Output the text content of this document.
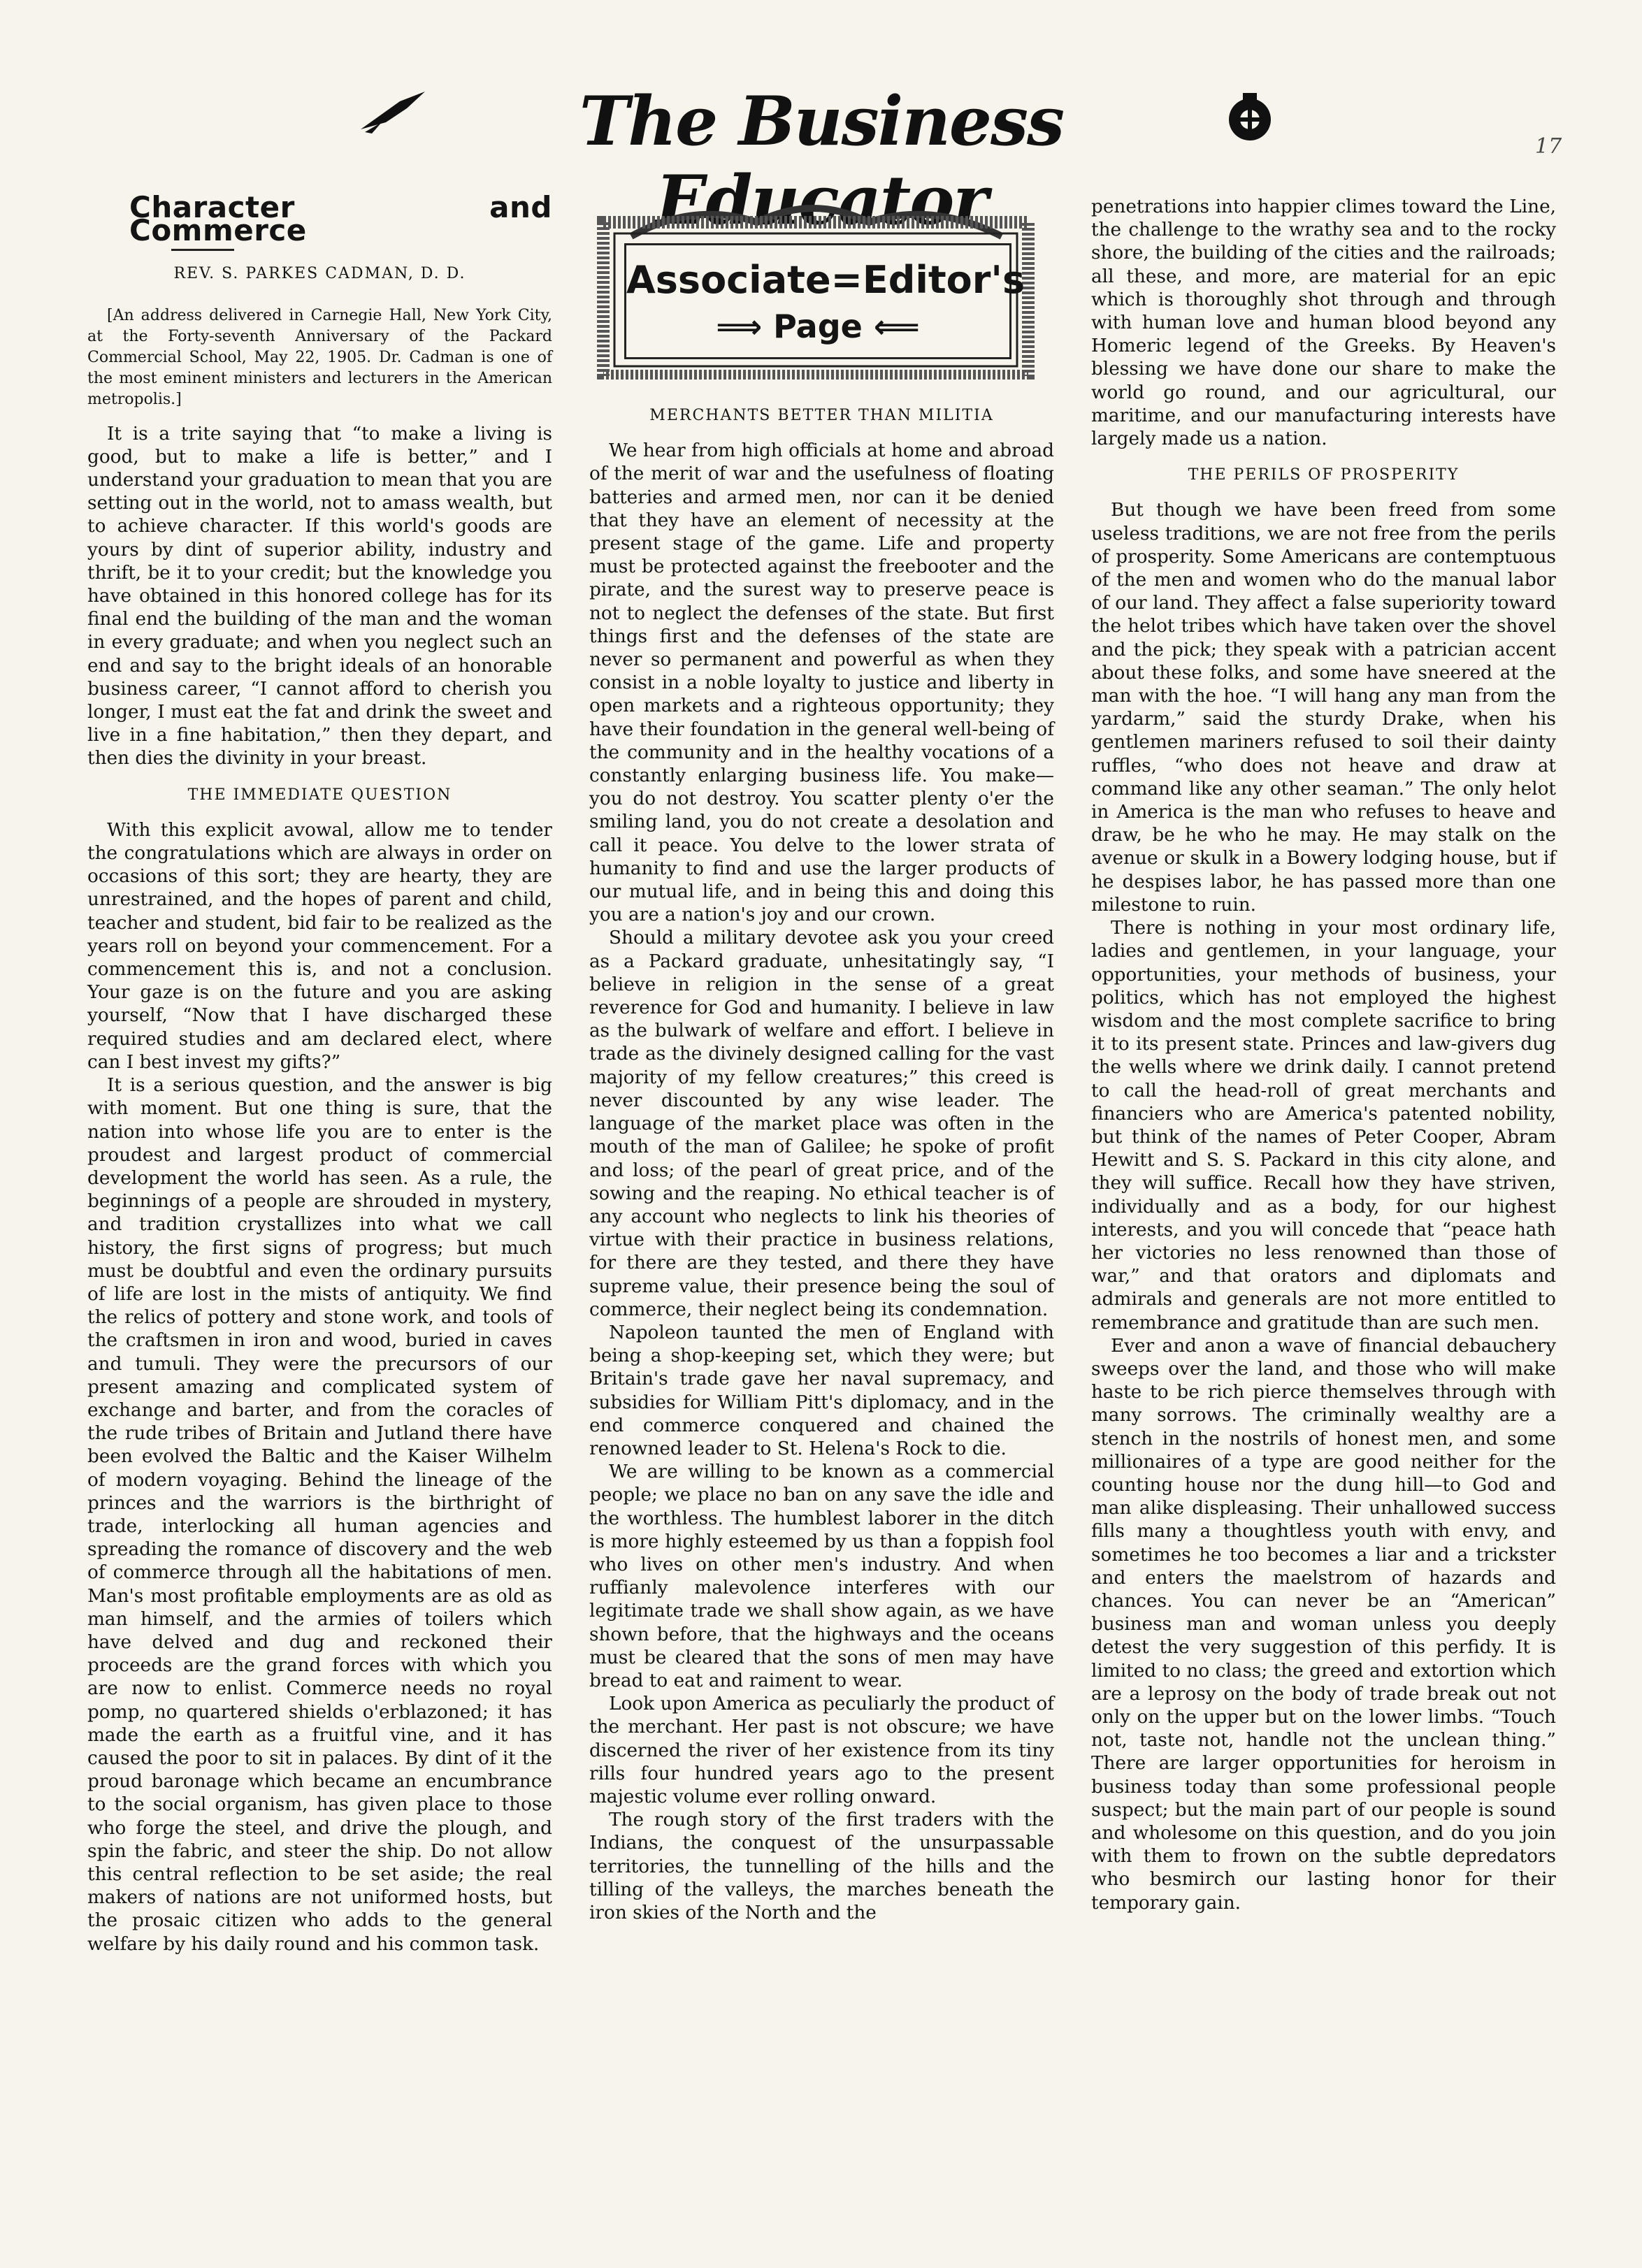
The Business Educator
17
Character and Commerce
REV. S. PARKES CADMAN, D. D.
[An address delivered in Carnegie Hall, New York City, at the Forty-seventh Anniversary of the Packard Commercial School, May 22, 1905. Dr. Cadman is one of the most eminent ministers and lecturers in the American metropolis.]

It is a trite saying that “to make a living is good, but to make a life is better,” and I understand your graduation to mean that you are setting out in the world, not to amass wealth, but to achieve character. If this world's goods are yours by dint of superior ability, industry and thrift, be it to your credit; but the knowledge you have obtained in this honored college has for its final end the building of the man and the woman in every graduate; and when you neglect such an end and say to the bright ideals of an honorable business career, “I cannot afford to cherish you longer, I must eat the fat and drink the sweet and live in a fine habitation,” then they depart, and then dies the divinity in your breast.

THE IMMEDIATE QUESTION

With this explicit avowal, allow me to tender the congratulations which are always in order on occasions of this sort; they are hearty, they are unrestrained, and the hopes of parent and child, teacher and student, bid fair to be realized as the years roll on beyond your commencement. For a commencement this is, and not a conclusion. Your gaze is on the future and you are asking yourself, “Now that I have discharged these required studies and am declared elect, where can I best invest my gifts?”

It is a serious question, and the answer is big with moment. But one thing is sure, that the nation into whose life you are to enter is the proudest and largest product of commercial development the world has seen. As a rule, the beginnings of a people are shrouded in mystery, and tradition crystallizes into what we call history, the first signs of progress; but much must be doubtful and even the ordinary pursuits of life are lost in the mists of antiquity. We find the relics of pottery and stone work, and tools of the craftsmen in iron and wood, buried in caves and tumuli. They were the precursors of our present amazing and complicated system of exchange and barter, and from the coracles of the rude tribes of Britain and Jutland there have been evolved the Baltic and the Kaiser Wilhelm of modern voyaging. Behind the lineage of the princes and the warriors is the birthright of trade, interlocking all human agencies and spreading the romance of discovery and the web of commerce through all the habitations of men. Man's most profitable employments are as old as man himself, and the armies of toilers which have delved and dug and reckoned their proceeds are the grand forces with which you are now to enlist. Commerce needs no royal pomp, no quartered shields o'erblazoned; it has made the earth as a fruitful vine, and it has caused the poor to sit in palaces. By dint of it the proud baronage which became an encumbrance to the social organism, has given place to those who forge the steel, and drive the plough, and spin the fabric, and steer the ship. Do not allow this central reflection to be set aside; the real makers of nations are not uniformed hosts, but the prosaic citizen who adds to the general welfare by his daily round and his common task.

Associate=Editor's
⟹ Page ⟸
MERCHANTS BETTER THAN MILITIA

We hear from high officials at home and abroad of the merit of war and the usefulness of floating batteries and armed men, nor can it be denied that they have an element of necessity at the present stage of the game. Life and property must be protected against the freebooter and the pirate, and the surest way to preserve peace is not to neglect the defenses of the state. But first things first and the defenses of the state are never so permanent and powerful as when they consist in a noble loyalty to justice and liberty in open markets and a righteous opportunity; they have their foundation in the general well-being of the community and in the healthy vocations of a constantly enlarging business life. You make—you do not destroy. You scatter plenty o'er the smiling land, you do not create a desolation and call it peace. You delve to the lower strata of humanity to find and use the larger products of our mutual life, and in being this and doing this you are a nation's joy and our crown.

Should a military devotee ask you your creed as a Packard graduate, unhesitatingly say, “I believe in religion in the sense of a great reverence for God and humanity. I believe in law as the bulwark of welfare and effort. I believe in trade as the divinely designed calling for the vast majority of my fellow creatures;” this creed is never discounted by any wise leader. The language of the market place was often in the mouth of the man of Galilee; he spoke of profit and loss; of the pearl of great price, and of the sowing and the reaping. No ethical teacher is of any account who neglects to link his theories of virtue with their practice in business relations, for there are they tested, and there they have supreme value, their presence being the soul of commerce, their neglect being its condemnation.

Napoleon taunted the men of England with being a shop-keeping set, which they were; but Britain's trade gave her naval supremacy, and subsidies for William Pitt's diplomacy, and in the end commerce conquered and chained the renowned leader to St. Helena's Rock to die.

We are willing to be known as a commercial people; we place no ban on any save the idle and the worthless. The humblest laborer in the ditch is more highly esteemed by us than a foppish fool who lives on other men's industry. And when ruffianly malevolence interferes with our legitimate trade we shall show again, as we have shown before, that the highways and the oceans must be cleared that the sons of men may have bread to eat and raiment to wear.

Look upon America as peculiarly the product of the merchant. Her past is not obscure; we have discerned the river of her existence from its tiny rills four hundred years ago to the present majestic volume ever rolling onward.

The rough story of the first traders with the Indians, the conquest of the unsurpassable territories, the tunnelling of the hills and the tilling of the valleys, the marches beneath the iron skies of the North and the

penetrations into happier climes toward the Line, the challenge to the wrathy sea and to the rocky shore, the building of the cities and the railroads; all these, and more, are material for an epic which is thoroughly shot through and through with human love and human blood beyond any Homeric legend of the Greeks. By Heaven's blessing we have done our share to make the world go round, and our agricultural, our maritime, and our manufacturing interests have largely made us a nation.

THE PERILS OF PROSPERITY

But though we have been freed from some useless traditions, we are not free from the perils of prosperity. Some Americans are contemptuous of the men and women who do the manual labor of our land. They affect a false superiority toward the helot tribes which have taken over the shovel and the pick; they speak with a patrician accent about these folks, and some have sneered at the man with the hoe. “I will hang any man from the yardarm,” said the sturdy Drake, when his gentlemen mariners refused to soil their dainty ruffles, “who does not heave and draw at command like any other seaman.” The only helot in America is the man who refuses to heave and draw, be he who he may. He may stalk on the avenue or skulk in a Bowery lodging house, but if he despises labor, he has passed more than one milestone to ruin.

There is nothing in your most ordinary life, ladies and gentlemen, in your language, your opportunities, your methods of business, your politics, which has not employed the highest wisdom and the most complete sacrifice to bring it to its present state. Princes and law-givers dug the wells where we drink daily. I cannot pretend to call the head-roll of great merchants and financiers who are America's patented nobility, but think of the names of Peter Cooper, Abram Hewitt and S. S. Packard in this city alone, and they will suffice. Recall how they have striven, individually and as a body, for our highest interests, and you will concede that “peace hath her victories no less renowned than those of war,” and that orators and diplomats and admirals and generals are not more entitled to remembrance and gratitude than are such men.

Ever and anon a wave of financial debauchery sweeps over the land, and those who will make haste to be rich pierce themselves through with many sorrows. The criminally wealthy are a stench in the nostrils of honest men, and some millionaires of a type are good neither for the counting house nor the dung hill—to God and man alike displeasing. Their unhallowed success fills many a thoughtless youth with envy, and sometimes he too becomes a liar and a trickster and enters the maelstrom of hazards and chances. You can never be an “American” business man and woman unless you deeply detest the very suggestion of this perfidy. It is limited to no class; the greed and extortion which are a leprosy on the body of trade break out not only on the upper but on the lower limbs. “Touch not, taste not, handle not the unclean thing.” There are larger opportunities for heroism in business today than some professional people suspect; but the main part of our people is sound and wholesome on this question, and do you join with them to frown on the subtle depredators who besmirch our lasting honor for their temporary gain.
